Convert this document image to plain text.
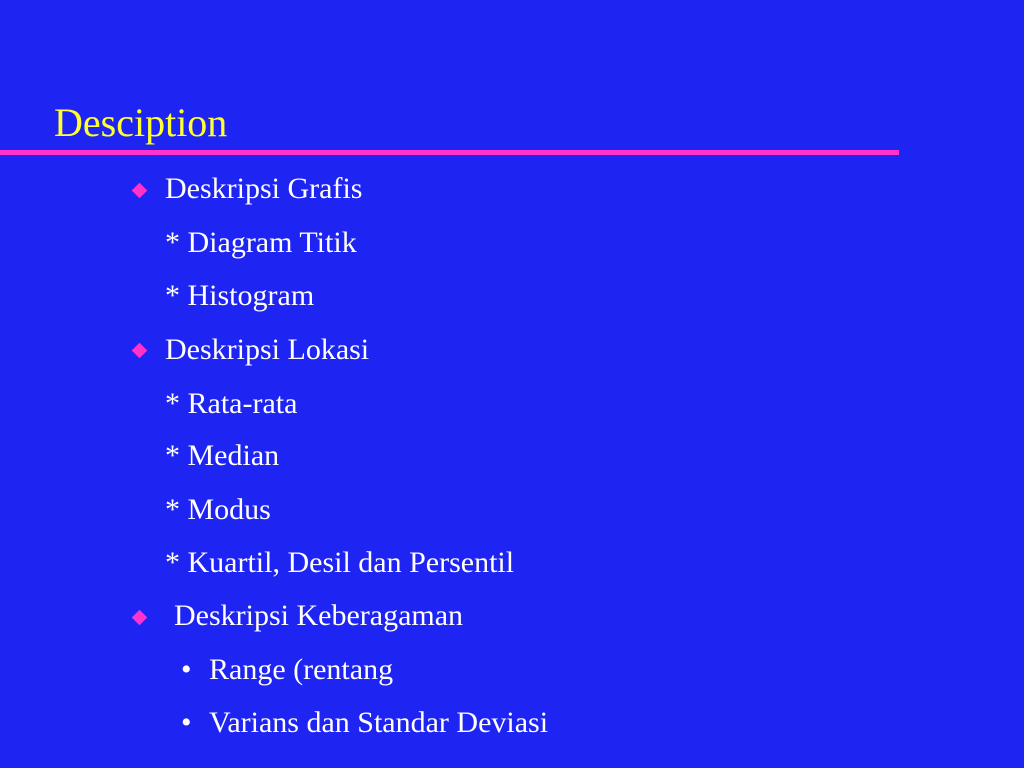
Desciption
Deskripsi Grafis
* Diagram Titik
* Histogram
Deskripsi Lokasi
* Rata-rata
* Median
* Modus
* Kuartil, Desil dan Persentil
Deskripsi Keberagaman
• Range (rentang
• Varians dan Standar Deviasi
